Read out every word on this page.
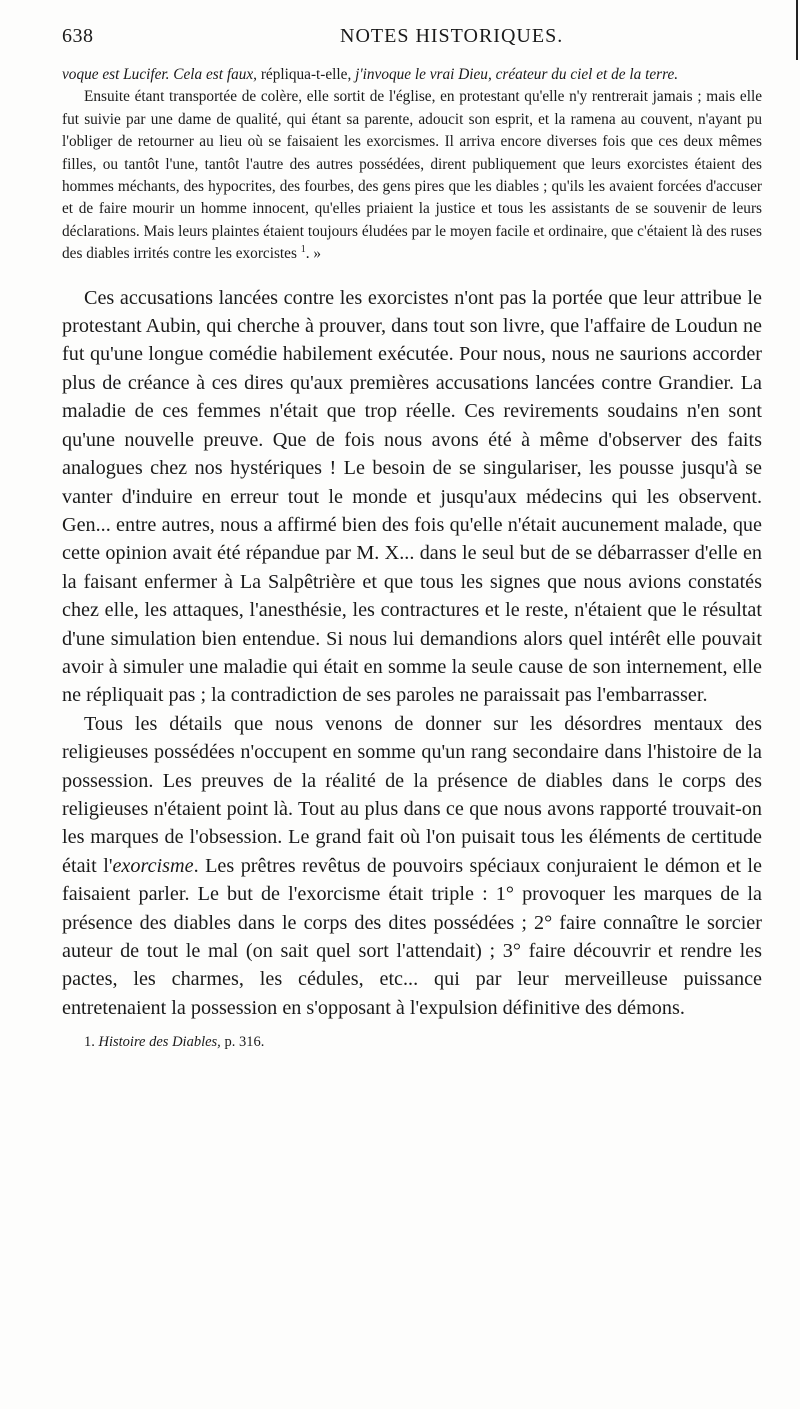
638	NOTES HISTORIQUES.

voque est Lucifer. Cela est faux, répliqua-t-elle, j'invoque le vrai Dieu, créateur du ciel et de la terre.

Ensuite étant transportée de colère, elle sortit de l'église, en protestant qu'elle n'y rentrerait jamais ; mais elle fut suivie par une dame de qualité, qui étant sa parente, adoucit son esprit, et la ramena au couvent, n'ayant pu l'obliger de retourner au lieu où se faisaient les exorcismes. Il arriva encore diverses fois que ces deux mêmes filles, ou tantôt l'une, tantôt l'autre des autres possédées, dirent publiquement que leurs exorcistes étaient des hommes méchants, des hypocrites, des fourbes, des gens pires que les diables ; qu'ils les avaient forcées d'accuser et de faire mourir un homme innocent, qu'elles priaient la justice et tous les assistants de se souvenir de leurs déclarations. Mais leurs plaintes étaient toujours éludées par le moyen facile et ordinaire, que c'étaient là des ruses des diables irrités contre les exorcistes $^1$. »

Ces accusations lancées contre les exorcistes n'ont pas la portée que leur attribue le protestant Aubin, qui cherche à prouver, dans tout son livre, que l'affaire de Loudun ne fut qu'une longue comédie habilement exécutée. Pour nous, nous ne saurions accorder plus de créance à ces dires qu'aux premières accusations lancées contre Grandier. La maladie de ces femmes n'était que trop réelle. Ces revirements soudains n'en sont qu'une nouvelle preuve. Que de fois nous avons été à même d'observer des faits analogues chez nos hystériques ! Le besoin de se singulariser, les pousse jusqu'à se vanter d'induire en erreur tout le monde et jusqu'aux médecins qui les observent. Gen... entre autres, nous a affirmé bien des fois qu'elle n'était aucunement malade, que cette opinion avait été répandue par M. X... dans le seul but de se débarrasser d'elle en la faisant enfermer à La Salpêtrière et que tous les signes que nous avions constatés chez elle, les attaques, l'anesthésie, les contractures et le reste, n'étaient que le résultat d'une simulation bien entendue. Si nous lui demandions alors quel intérêt elle pouvait avoir à simuler une maladie qui était en somme la seule cause de son internement, elle ne répliquait pas ; la contradiction de ses paroles ne paraissait pas l'embarrasser.

Tous les détails que nous venons de donner sur les désordres mentaux des religieuses possédées n'occupent en somme qu'un rang secondaire dans l'histoire de la possession. Les preuves de la réalité de la présence de diables dans le corps des religieuses n'étaient point là. Tout au plus dans ce que nous avons rapporté trouvait-on les marques de l'obsession. Le grand fait où l'on puisait tous les éléments de certitude était l'exorcisme. Les prêtres revêtus de pouvoirs spéciaux conjuraient le démon et le faisaient parler. Le but de l'exorcisme était triple : 1° provoquer les marques de la présence des diables dans le corps des dites possédées ; 2° faire connaître le sorcier auteur de tout le mal (on sait quel sort l'attendait) ; 3° faire découvrir et rendre les pactes, les charmes, les cédules, etc... qui par leur merveilleuse puissance entretenaient la possession en s'opposant à l'expulsion définitive des démons.

1. Histoire des Diables, p. 316.
